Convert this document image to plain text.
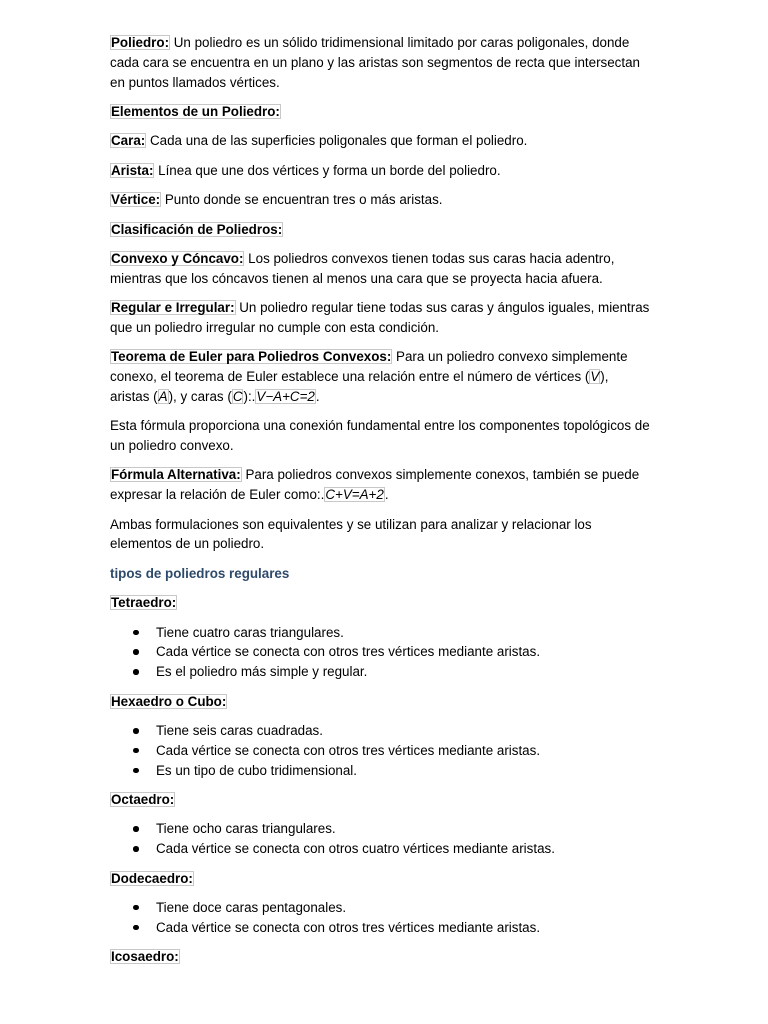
Poliedro: Un poliedro es un sólido tridimensional limitado por caras poligonales, donde cada cara se encuentra en un plano y las aristas son segmentos de recta que intersectan en puntos llamados vértices.

Elementos de un Poliedro:

Cara: Cada una de las superficies poligonales que forman el poliedro.

Arista: Línea que une dos vértices y forma un borde del poliedro.

Vértice: Punto donde se encuentran tres o más aristas.

Clasificación de Poliedros:

Convexo y Cóncavo: Los poliedros convexos tienen todas sus caras hacia adentro, mientras que los cóncavos tienen al menos una cara que se proyecta hacia afuera.

Regular e Irregular: Un poliedro regular tiene todas sus caras y ángulos iguales, mientras que un poliedro irregular no cumple con esta condición.

Teorema de Euler para Poliedros Convexos: Para un poliedro convexo simplemente conexo, el teorema de Euler establece una relación entre el número de vértices (V), aristas (A), y caras (C):.V−A+C=2.

Esta fórmula proporciona una conexión fundamental entre los componentes topológicos de un poliedro convexo.

Fórmula Alternativa: Para poliedros convexos simplemente conexos, también se puede expresar la relación de Euler como:.C+V=A+2.

Ambas formulaciones son equivalentes y se utilizan para analizar y relacionar los elementos de un poliedro.

tipos de poliedros regulares

Tetraedro:

Tiene cuatro caras triangulares.
Cada vértice se conecta con otros tres vértices mediante aristas.
Es el poliedro más simple y regular.

Hexaedro o Cubo:

Tiene seis caras cuadradas.
Cada vértice se conecta con otros tres vértices mediante aristas.
Es un tipo de cubo tridimensional.

Octaedro:

Tiene ocho caras triangulares.
Cada vértice se conecta con otros cuatro vértices mediante aristas.

Dodecaedro:

Tiene doce caras pentagonales.
Cada vértice se conecta con otros tres vértices mediante aristas.

Icosaedro:
